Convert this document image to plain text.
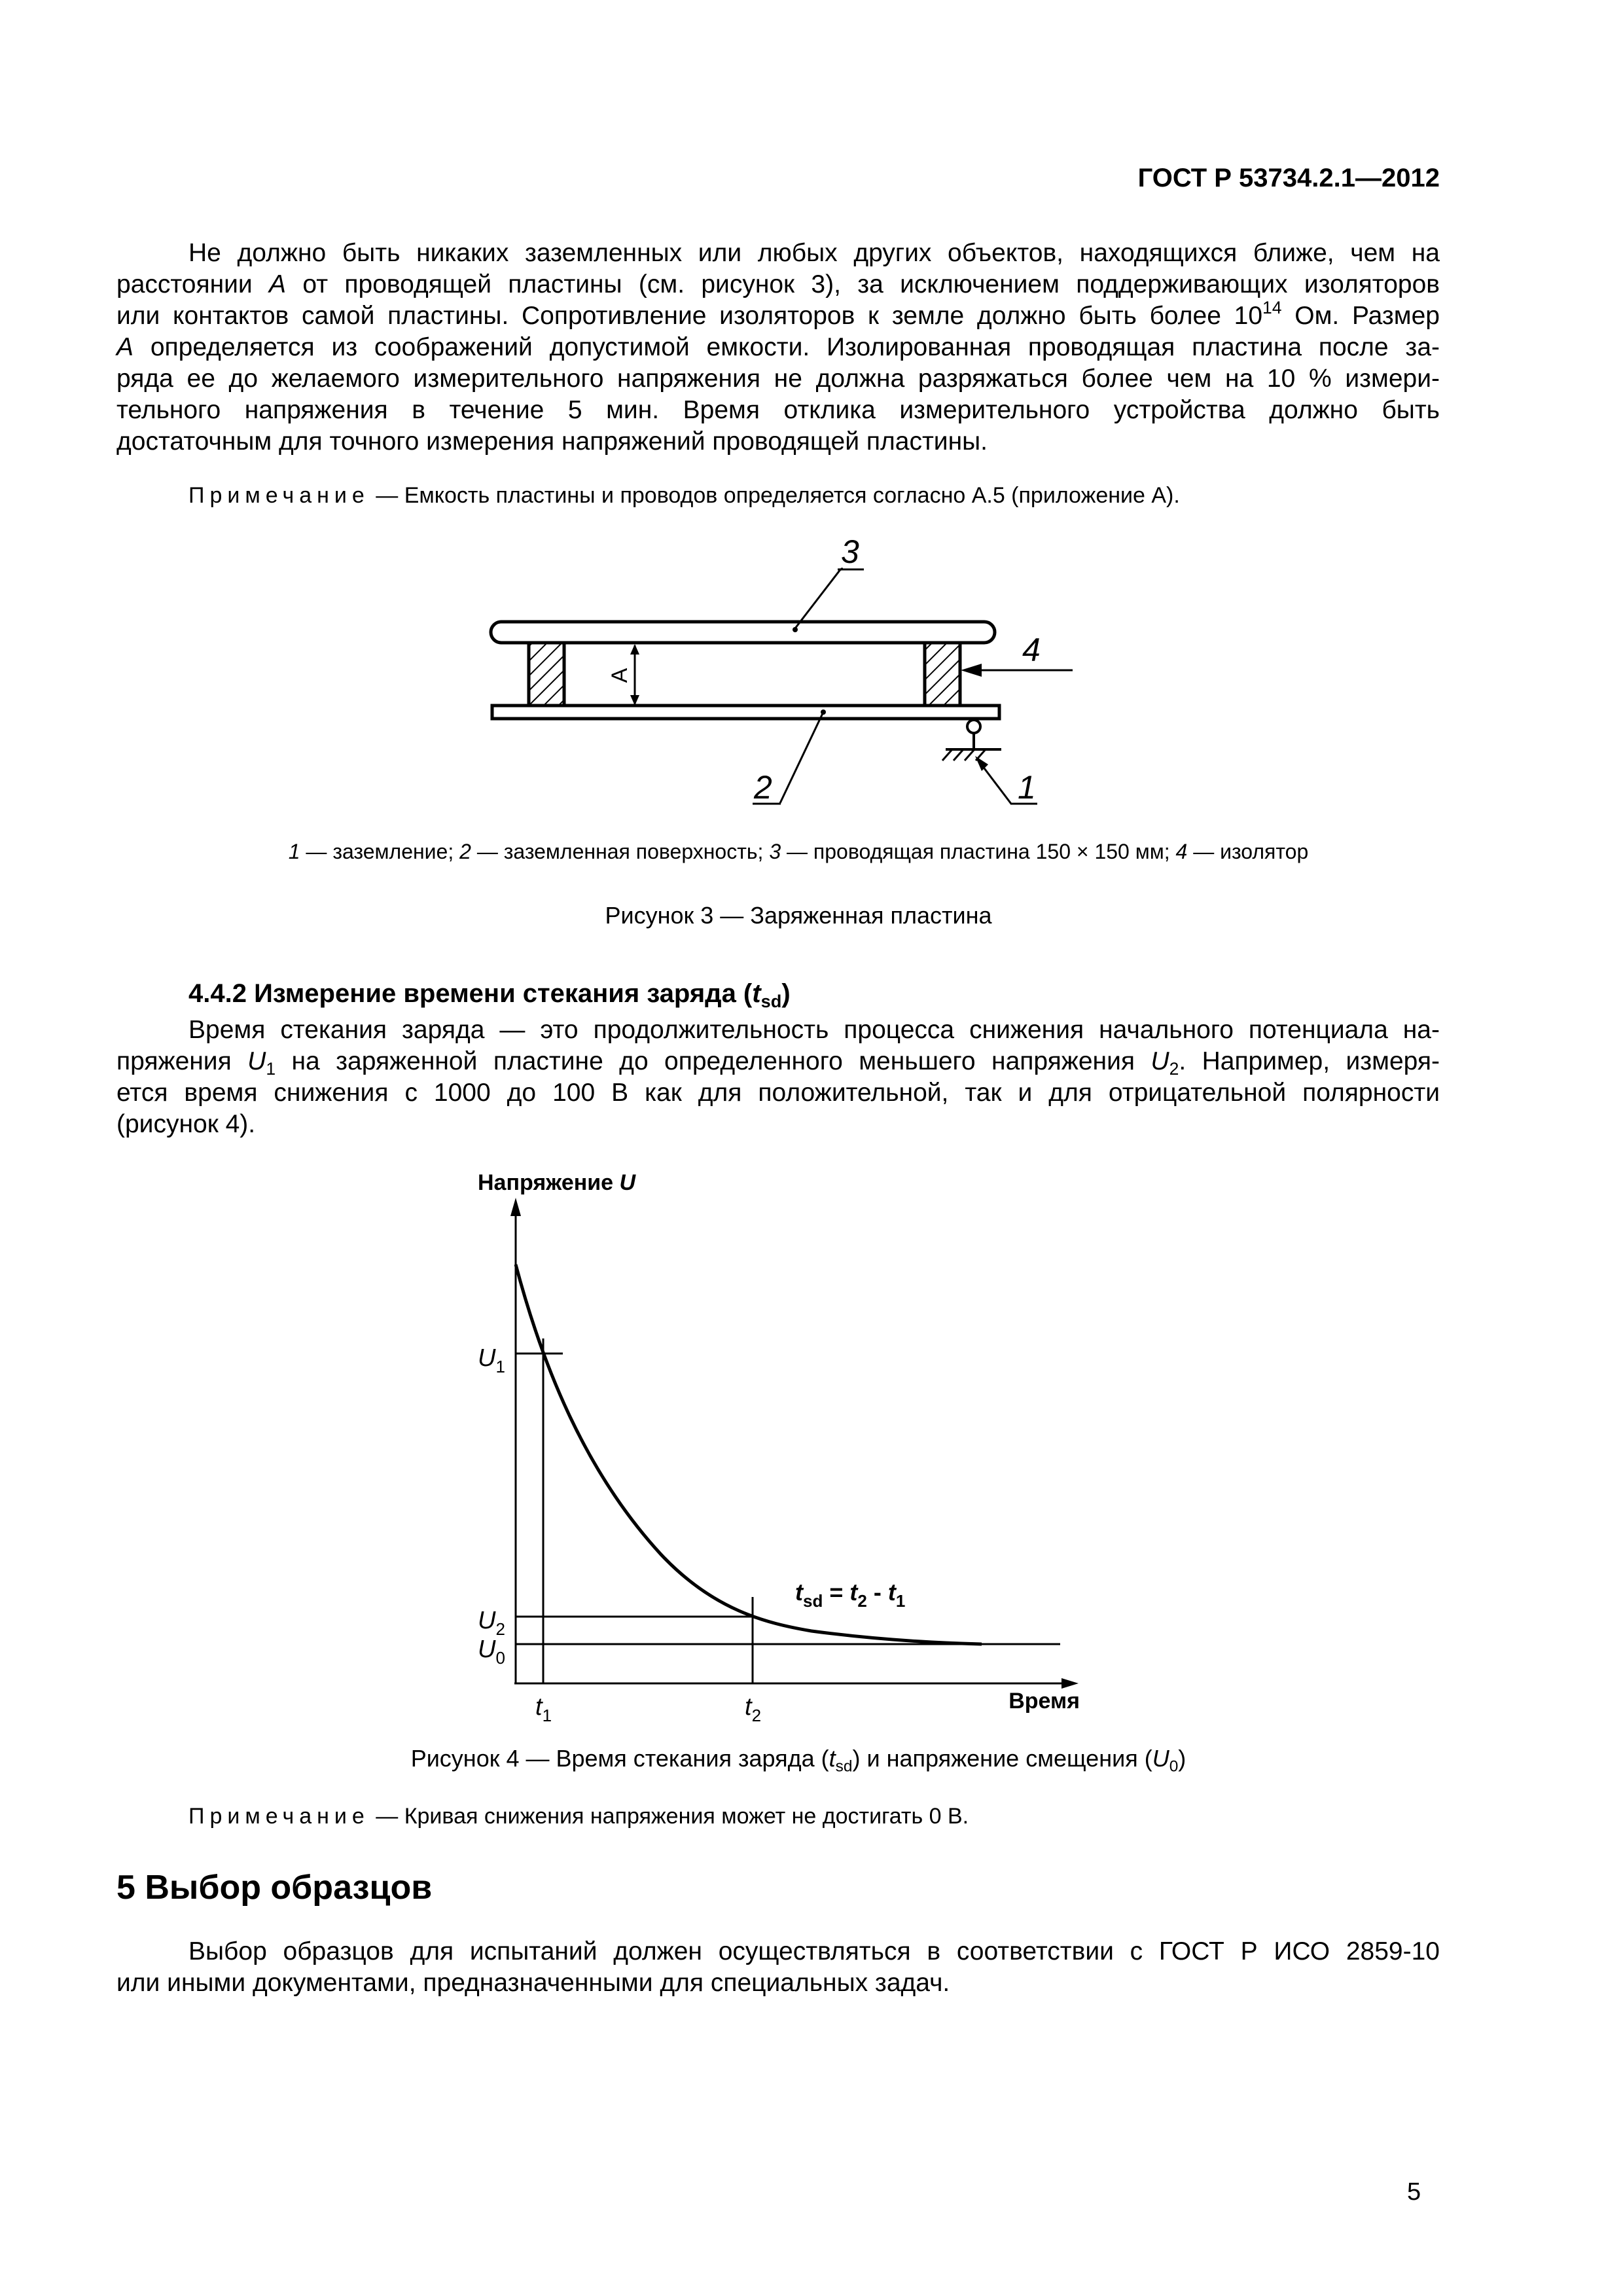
ГОСТ Р 53734.2.1—2012
Не должно быть никаких заземленных или любых других объектов, находящихся ближе, чем на
расстоянии A от проводящей пластины (см. рисунок 3), за исключением поддерживающих изоляторов
или контактов самой пластины. Сопротивление изоляторов к земле должно быть более $10^{14}$ Ом. Размер
A определяется из соображений допустимой емкости. Изолированная проводящая пластина после за-
ряда ее до желаемого измерительного напряжения не должна разряжаться более чем на 10 % измери-
тельного напряжения в течение 5 мин. Время отклика измерительного устройства должно быть
достаточным для точного измерения напряжений проводящей пластины.
Примечание — Емкость пластины и проводов определяется согласно А.5 (приложение А).
A
3
4
2	1
1 — заземление; 2 — заземленная поверхность; 3 — проводящая пластина 150 × 150 мм; 4 — изолятор
Рисунок 3 — Заряженная пластина
4.4.2 Измерение времени стекания заряда $(t_{sd})$
Время стекания заряда — это продолжительность процесса снижения начального потенциала на-
пряжения $U_1$ на заряженной пластине до определенного меньшего напряжения $U_2$. Например, измеря-
ется время снижения с 1000 до 100 В как для положительной, так и для отрицательной полярности
(рисунок 4).
Напряжение U
$U_1$
$U_2$
$U_0$
$t_1$	$t_2$
Время
$t_{sd} = t_2 - t_1$
Рисунок 4 — Время стекания заряда $(t_{sd})$ и напряжение смещения $(U_0)$
Примечание — Кривая снижения напряжения может не достигать 0 В.
5 Выбор образцов
Выбор образцов для испытаний должен осуществляться в соответствии с ГОСТ Р ИСО 2859-10
или иными документами, предназначенными для специальных задач.
5
